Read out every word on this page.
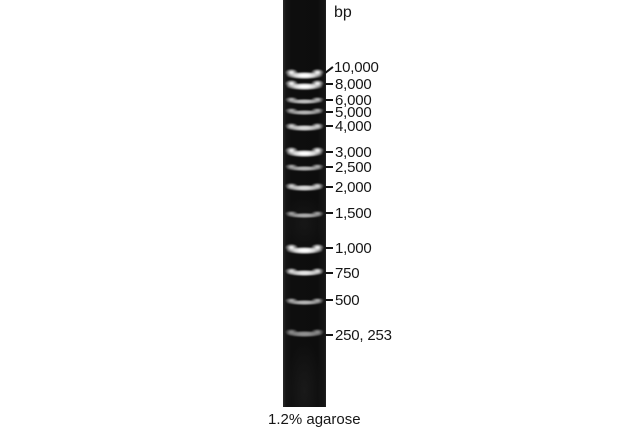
bp
10,000
8,000
6,000
5,000
4,000
3,000
2,500
2,000
1,500
1,000
750
500
250, 253
1.2% agarose
